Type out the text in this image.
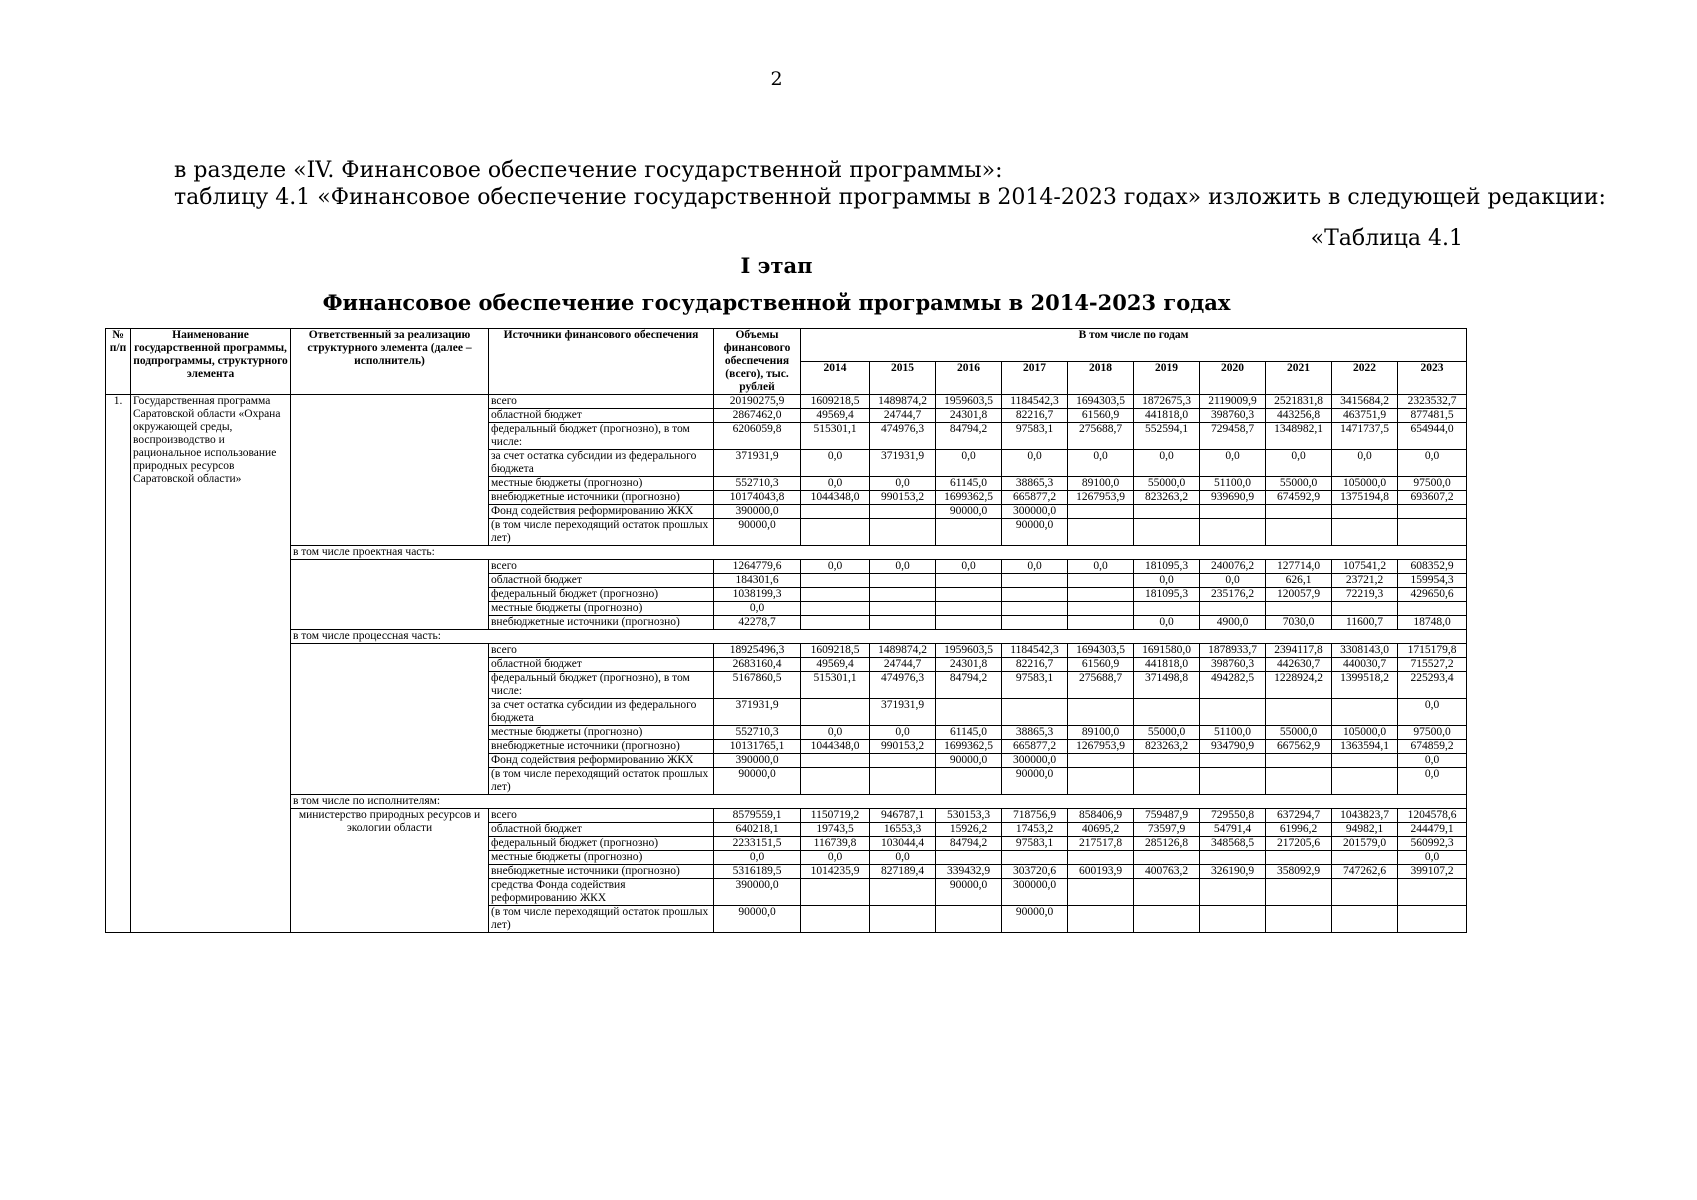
2
в разделе «IV. Финансовое обеспечение государственной программы»:
таблицу 4.1 «Финансовое обеспечение государственной программы в 2014-2023 годах» изложить в следующей редакции:
«Таблица 4.1
I этап
Финансовое обеспечение государственной программы в 2014-2023 годах
№ п/п	Наименование государственной программы, подпрограммы, структурного элемента	Ответственный за реализацию структурного элемента (далее – исполнитель)	Источники финансового обеспечения	Объемы финансового обеспечения (всего), тыс. рублей	В том числе по годам									
					2014	2015	2016	2017	2018	2019	2020	2021	2022	2023
1.	Государственная программа Саратовской области «Охрана окружающей среды, воспроизводство и рациональное использование природных ресурсов Саратовской области»		всего	20190275,9	1609218,5	1489874,2	1959603,5	1184542,3	1694303,5	1872675,3	2119009,9	2521831,8	3415684,2	2323532,7
			областной бюджет	2867462,0	49569,4	24744,7	24301,8	82216,7	61560,9	441818,0	398760,3	443256,8	463751,9	877481,5
			федеральный бюджет (прогнозно), в том числе:	6206059,8	515301,1	474976,3	84794,2	97583,1	275688,7	552594,1	729458,7	1348982,1	1471737,5	654944,0
			за счет остатка субсидии из федерального бюджета	371931,9	0,0	371931,9	0,0	0,0	0,0	0,0	0,0	0,0	0,0	0,0
			местные бюджеты (прогнозно)	552710,3	0,0	0,0	61145,0	38865,3	89100,0	55000,0	51100,0	55000,0	105000,0	97500,0
			внебюджетные источники (прогнозно)	10174043,8	1044348,0	990153,2	1699362,5	665877,2	1267953,9	823263,2	939690,9	674592,9	1375194,8	693607,2
			Фонд содействия реформированию ЖКХ	390000,0			90000,0	300000,0						
			(в том числе переходящий остаток прошлых лет)	90000,0				90000,0						
		в том числе проектная часть:												
			всего	1264779,6	0,0	0,0	0,0	0,0	0,0	181095,3	240076,2	127714,0	107541,2	608352,9
			областной бюджет	184301,6						0,0	0,0	626,1	23721,2	159954,3
			федеральный бюджет (прогнозно)	1038199,3						181095,3	235176,2	120057,9	72219,3	429650,6
			местные бюджеты (прогнозно)	0,0										
			внебюджетные источники (прогнозно)	42278,7						0,0	4900,0	7030,0	11600,7	18748,0
		в том числе процессная часть:												
			всего	18925496,3	1609218,5	1489874,2	1959603,5	1184542,3	1694303,5	1691580,0	1878933,7	2394117,8	3308143,0	1715179,8
			областной бюджет	2683160,4	49569,4	24744,7	24301,8	82216,7	61560,9	441818,0	398760,3	442630,7	440030,7	715527,2
			федеральный бюджет (прогнозно), в том числе:	5167860,5	515301,1	474976,3	84794,2	97583,1	275688,7	371498,8	494282,5	1228924,2	1399518,2	225293,4
			за счет остатка субсидии из федерального бюджета	371931,9		371931,9								0,0
			местные бюджеты (прогнозно)	552710,3	0,0	0,0	61145,0	38865,3	89100,0	55000,0	51100,0	55000,0	105000,0	97500,0
			внебюджетные источники (прогнозно)	10131765,1	1044348,0	990153,2	1699362,5	665877,2	1267953,9	823263,2	934790,9	667562,9	1363594,1	674859,2
			Фонд содействия реформированию ЖКХ	390000,0			90000,0	300000,0						0,0
			(в том числе переходящий остаток прошлых лет)	90000,0				90000,0						0,0
		в том числе по исполнителям:												
		министерство природных ресурсов и экологии области	всего	8579559,1	1150719,2	946787,1	530153,3	718756,9	858406,9	759487,9	729550,8	637294,7	1043823,7	1204578,6
			областной бюджет	640218,1	19743,5	16553,3	15926,2	17453,2	40695,2	73597,9	54791,4	61996,2	94982,1	244479,1
			федеральный бюджет (прогнозно)	2233151,5	116739,8	103044,4	84794,2	97583,1	217517,8	285126,8	348568,5	217205,6	201579,0	560992,3
			местные бюджеты (прогнозно)	0,0	0,0	0,0								0,0
			внебюджетные источники (прогнозно)	5316189,5	1014235,9	827189,4	339432,9	303720,6	600193,9	400763,2	326190,9	358092,9	747262,6	399107,2
			средства Фонда содействия реформированию ЖКХ	390000,0			90000,0	300000,0						
			(в том числе переходящий остаток прошлых лет)	90000,0				90000,0						
